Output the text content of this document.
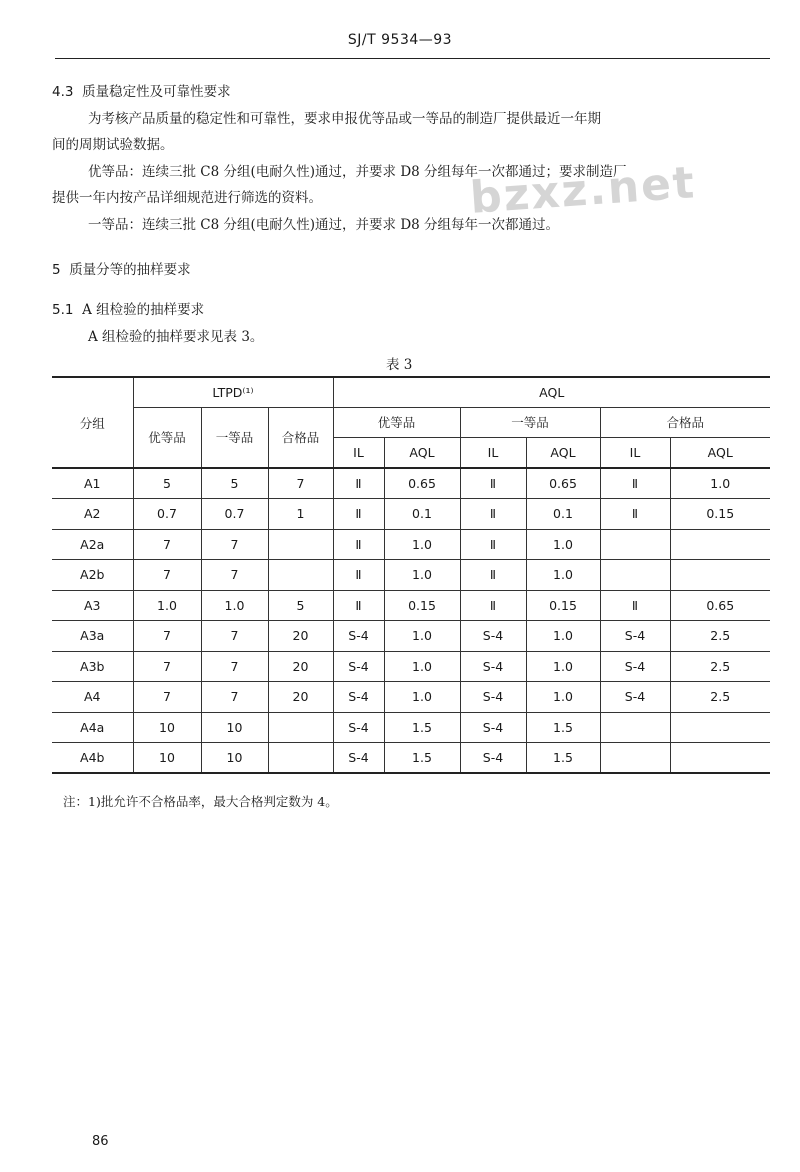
SJ/T 9534—93
bzxz.net
4.3 质量稳定性及可靠性要求
为考核产品质量的稳定性和可靠性，要求申报优等品或一等品的制造厂提供最近一年期
间的周期试验数据。
优等品：连续三批 C8 分组(电耐久性)通过，并要求 D8 分组每年一次都通过；要求制造厂
提供一年内按产品详细规范进行筛选的资料。
一等品：连续三批 C8 分组(电耐久性)通过，并要求 D8 分组每年一次都通过。
5 质量分等的抽样要求
5.1 A 组检验的抽样要求
A 组检验的抽样要求见表 3。
表 3
分组	LTPD⁽¹⁾			AQL					
	优等品	一等品	合格品	优等品		一等品		合格品	
				IL	AQL	IL	AQL	IL	AQL
A1	5	5	7	Ⅱ	0.65	Ⅱ	0.65	Ⅱ	1.0
A2	0.7	0.7	1	Ⅱ	0.1	Ⅱ	0.1	Ⅱ	0.15
A2a	7	7		Ⅱ	1.0	Ⅱ	1.0		
A2b	7	7		Ⅱ	1.0	Ⅱ	1.0		
A3	1.0	1.0	5	Ⅱ	0.15	Ⅱ	0.15	Ⅱ	0.65
A3a	7	7	20	S-4	1.0	S-4	1.0	S-4	2.5
A3b	7	7	20	S-4	1.0	S-4	1.0	S-4	2.5
A4	7	7	20	S-4	1.0	S-4	1.0	S-4	2.5
A4a	10	10		S-4	1.5	S-4	1.5		
A4b	10	10		S-4	1.5	S-4	1.5		
注：1)批允许不合格品率，最大合格判定数为 4。
86
